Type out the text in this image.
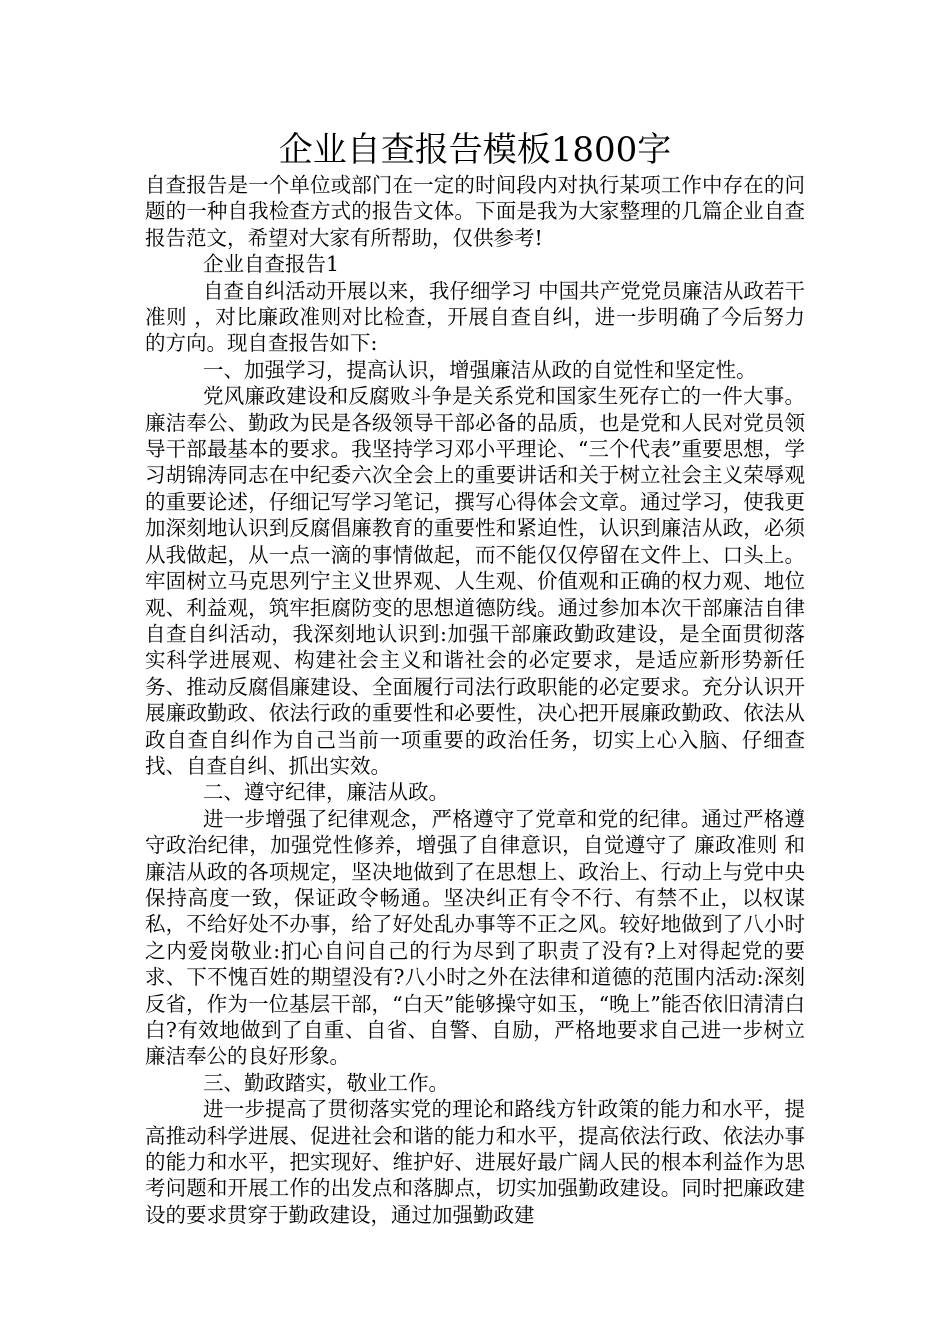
企业自查报告模板1800字

自查报告是一个单位或部门在一定的时间段内对执行某项工作中存在的问题的一种自我检查方式的报告文体。下面是我为大家整理的几篇企业自查报告范文，希望对大家有所帮助，仅供参考!

企业自查报告1

自查自纠活动开展以来，我仔细学习 中国共产党党员廉洁从政若干准则 ，对比廉政准则对比检查，开展自查自纠，进一步明确了今后努力的方向。现自查报告如下:

一、加强学习，提高认识，增强廉洁从政的自觉性和坚定性。

党风廉政建设和反腐败斗争是关系党和国家生死存亡的一件大事。廉洁奉公、勤政为民是各级领导干部必备的品质，也是党和人民对党员领导干部最基本的要求。我坚持学习邓小平理论、“三个代表”重要思想，学习胡锦涛同志在中纪委六次全会上的重要讲话和关于树立社会主义荣辱观的重要论述，仔细记写学习笔记，撰写心得体会文章。通过学习，使我更加深刻地认识到反腐倡廉教育的重要性和紧迫性，认识到廉洁从政，必须从我做起，从一点一滴的事情做起，而不能仅仅停留在文件上、口头上。牢固树立马克思列宁主义世界观、人生观、价值观和正确的权力观、地位观、利益观，筑牢拒腐防变的思想道德防线。通过参加本次干部廉洁自律自查自纠活动，我深刻地认识到:加强干部廉政勤政建设，是全面贯彻落实科学进展观、构建社会主义和谐社会的必定要求，是适应新形势新任务、推动反腐倡廉建设、全面履行司法行政职能的必定要求。充分认识开展廉政勤政、依法行政的重要性和必要性，决心把开展廉政勤政、依法从政自查自纠作为自己当前一项重要的政治任务，切实上心入脑、仔细查找、自查自纠、抓出实效。

二、遵守纪律，廉洁从政。

进一步增强了纪律观念，严格遵守了党章和党的纪律。通过严格遵守政治纪律，加强党性修养，增强了自律意识，自觉遵守了 廉政准则 和廉洁从政的各项规定，坚决地做到了在思想上、政治上、行动上与党中央保持高度一致，保证政令畅通。坚决纠正有令不行、有禁不止，以权谋私，不给好处不办事，给了好处乱办事等不正之风。较好地做到了八小时之内爱岗敬业:扪心自问自己的行为尽到了职责了没有?上对得起党的要求、下不愧百姓的期望没有?八小时之外在法律和道德的范围内活动:深刻反省，作为一位基层干部，“白天”能够操守如玉，“晚上”能否依旧清清白白?有效地做到了自重、自省、自警、自励，严格地要求自己进一步树立廉洁奉公的良好形象。

三、勤政踏实，敬业工作。

进一步提高了贯彻落实党的理论和路线方针政策的能力和水平，提高推动科学进展、促进社会和谐的能力和水平，提高依法行政、依法办事的能力和水平，把实现好、维护好、进展好最广阔人民的根本利益作为思考问题和开展工作的出发点和落脚点，切实加强勤政建设。同时把廉政建设的要求贯穿于勤政建设，通过加强勤政建
